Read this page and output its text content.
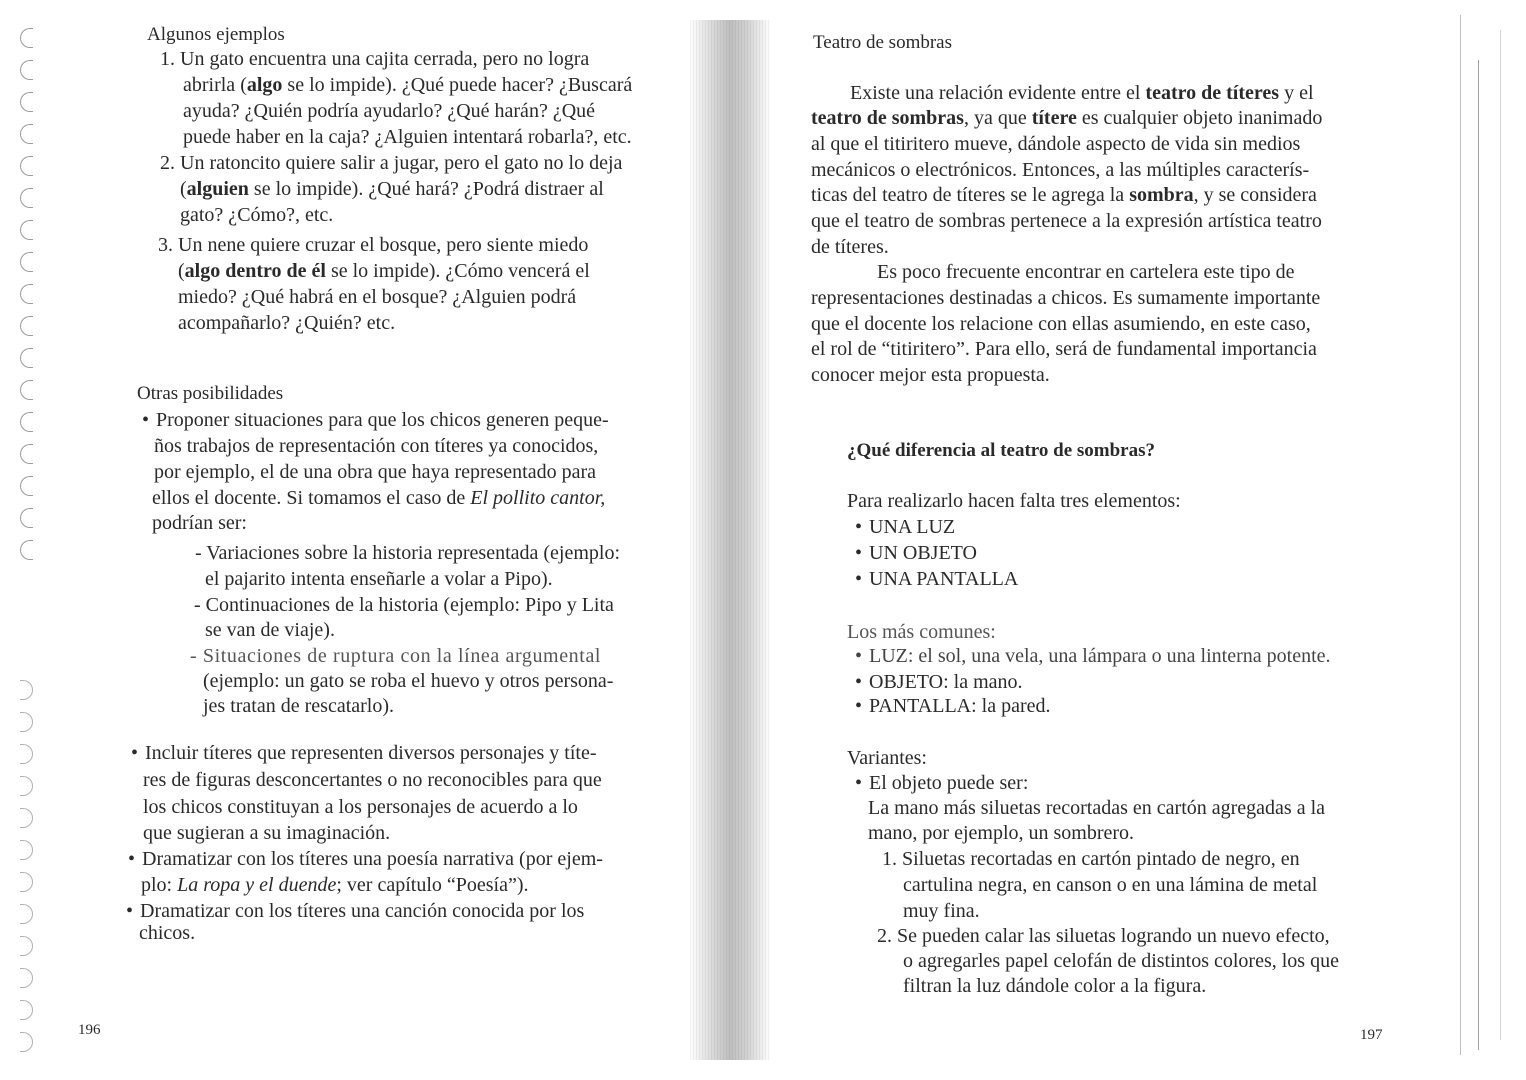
Algunos ejemplos
1. Un gato encuentra una cajita cerrada, pero no logra
abrirla (algo se lo impide). ¿Qué puede hacer? ¿Buscará
ayuda? ¿Quién podría ayudarlo? ¿Qué harán? ¿Qué
puede haber en la caja? ¿Alguien intentará robarla?, etc.
2. Un ratoncito quiere salir a jugar, pero el gato no lo deja
(alguien se lo impide). ¿Qué hará? ¿Podrá distraer al
gato? ¿Cómo?, etc.
3. Un nene quiere cruzar el bosque, pero siente miedo
(algo dentro de él se lo impide). ¿Cómo vencerá el
miedo? ¿Qué habrá en el bosque? ¿Alguien podrá
acompañarlo? ¿Quién? etc.
Otras posibilidades
• Proponer situaciones para que los chicos generen peque-
ños trabajos de representación con títeres ya conocidos,
por ejemplo, el de una obra que haya representado para
ellos el docente. Si tomamos el caso de El pollito cantor,
podrían ser:
- Variaciones sobre la historia representada (ejemplo:
el pajarito intenta enseñarle a volar a Pipo).
- Continuaciones de la historia (ejemplo: Pipo y Lita
se van de viaje).
- Situaciones de ruptura con la línea argumental
(ejemplo: un gato se roba el huevo y otros persona-
jes tratan de rescatarlo).
• Incluir títeres que representen diversos personajes y títe-
res de figuras desconcertantes o no reconocibles para que
los chicos constituyan a los personajes de acuerdo a lo
que sugieran a su imaginación.
• Dramatizar con los títeres una poesía narrativa (por ejem-
plo: La ropa y el duende; ver capítulo “Poesía”).
• Dramatizar con los títeres una canción conocida por los
chicos.
196
Teatro de sombras
Existe una relación evidente entre el teatro de títeres y el
teatro de sombras, ya que títere es cualquier objeto inanimado
al que el titiritero mueve, dándole aspecto de vida sin medios
mecánicos o electrónicos. Entonces, a las múltiples caracterís-
ticas del teatro de títeres se le agrega la sombra, y se considera
que el teatro de sombras pertenece a la expresión artística teatro
de títeres.
Es poco frecuente encontrar en cartelera este tipo de
representaciones destinadas a chicos. Es sumamente importante
que el docente los relacione con ellas asumiendo, en este caso,
el rol de “titiritero”. Para ello, será de fundamental importancia
conocer mejor esta propuesta.
¿Qué diferencia al teatro de sombras?
Para realizarlo hacen falta tres elementos:
• UNA LUZ
• UN OBJETO
• UNA PANTALLA
Los más comunes:
• LUZ: el sol, una vela, una lámpara o una linterna potente.
• OBJETO: la mano.
• PANTALLA: la pared.
Variantes:
• El objeto puede ser:
La mano más siluetas recortadas en cartón agregadas a la
mano, por ejemplo, un sombrero.
1. Siluetas recortadas en cartón pintado de negro, en
cartulina negra, en canson o en una lámina de metal
muy fina.
2. Se pueden calar las siluetas logrando un nuevo efecto,
o agregarles papel celofán de distintos colores, los que
filtran la luz dándole color a la figura.
197
